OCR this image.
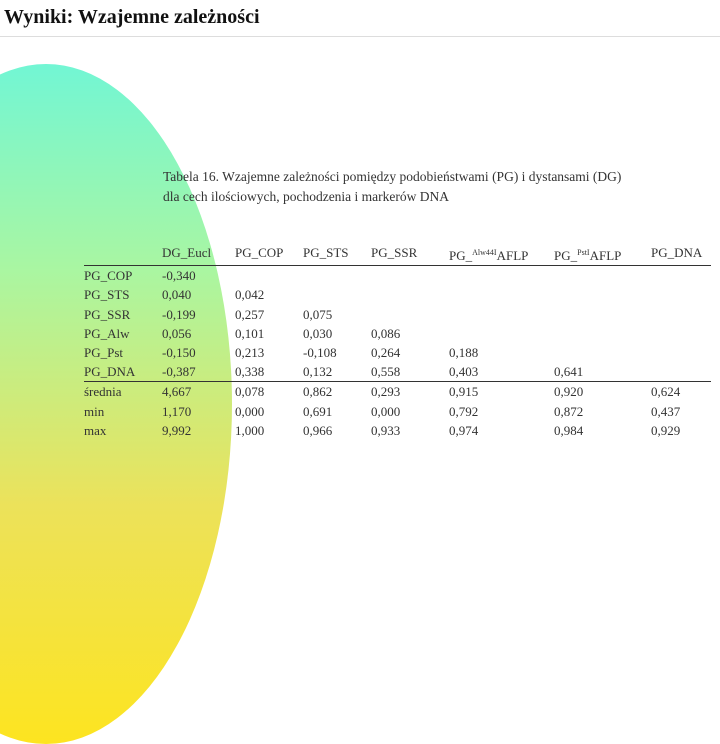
Wyniki: Wzajemne zależności
Tabela 16. Wzajemne zależności pomiędzy podobieństwami (PG) i dystansami (DG)
dla cech ilościowych, pochodzenia i markerów DNA
	DG_Eucl	PG_COP	PG_STS	PG_SSR	PG_$^{Alw44I}$AFLP	PG_$^{PstI}$AFLP	PG_DNA
PG_COP	-0,340						
PG_STS	0,040	0,042					
PG_SSR	-0,199	0,257	0,075				
PG_Alw	0,056	0,101	0,030	0,086			
PG_Pst	-0,150	0,213	-0,108	0,264	0,188		
PG_DNA	-0,387	0,338	0,132	0,558	0,403	0,641	
średnia	4,667	0,078	0,862	0,293	0,915	0,920	0,624
min	1,170	0,000	0,691	0,000	0,792	0,872	0,437
max	9,992	1,000	0,966	0,933	0,974	0,984	0,929
